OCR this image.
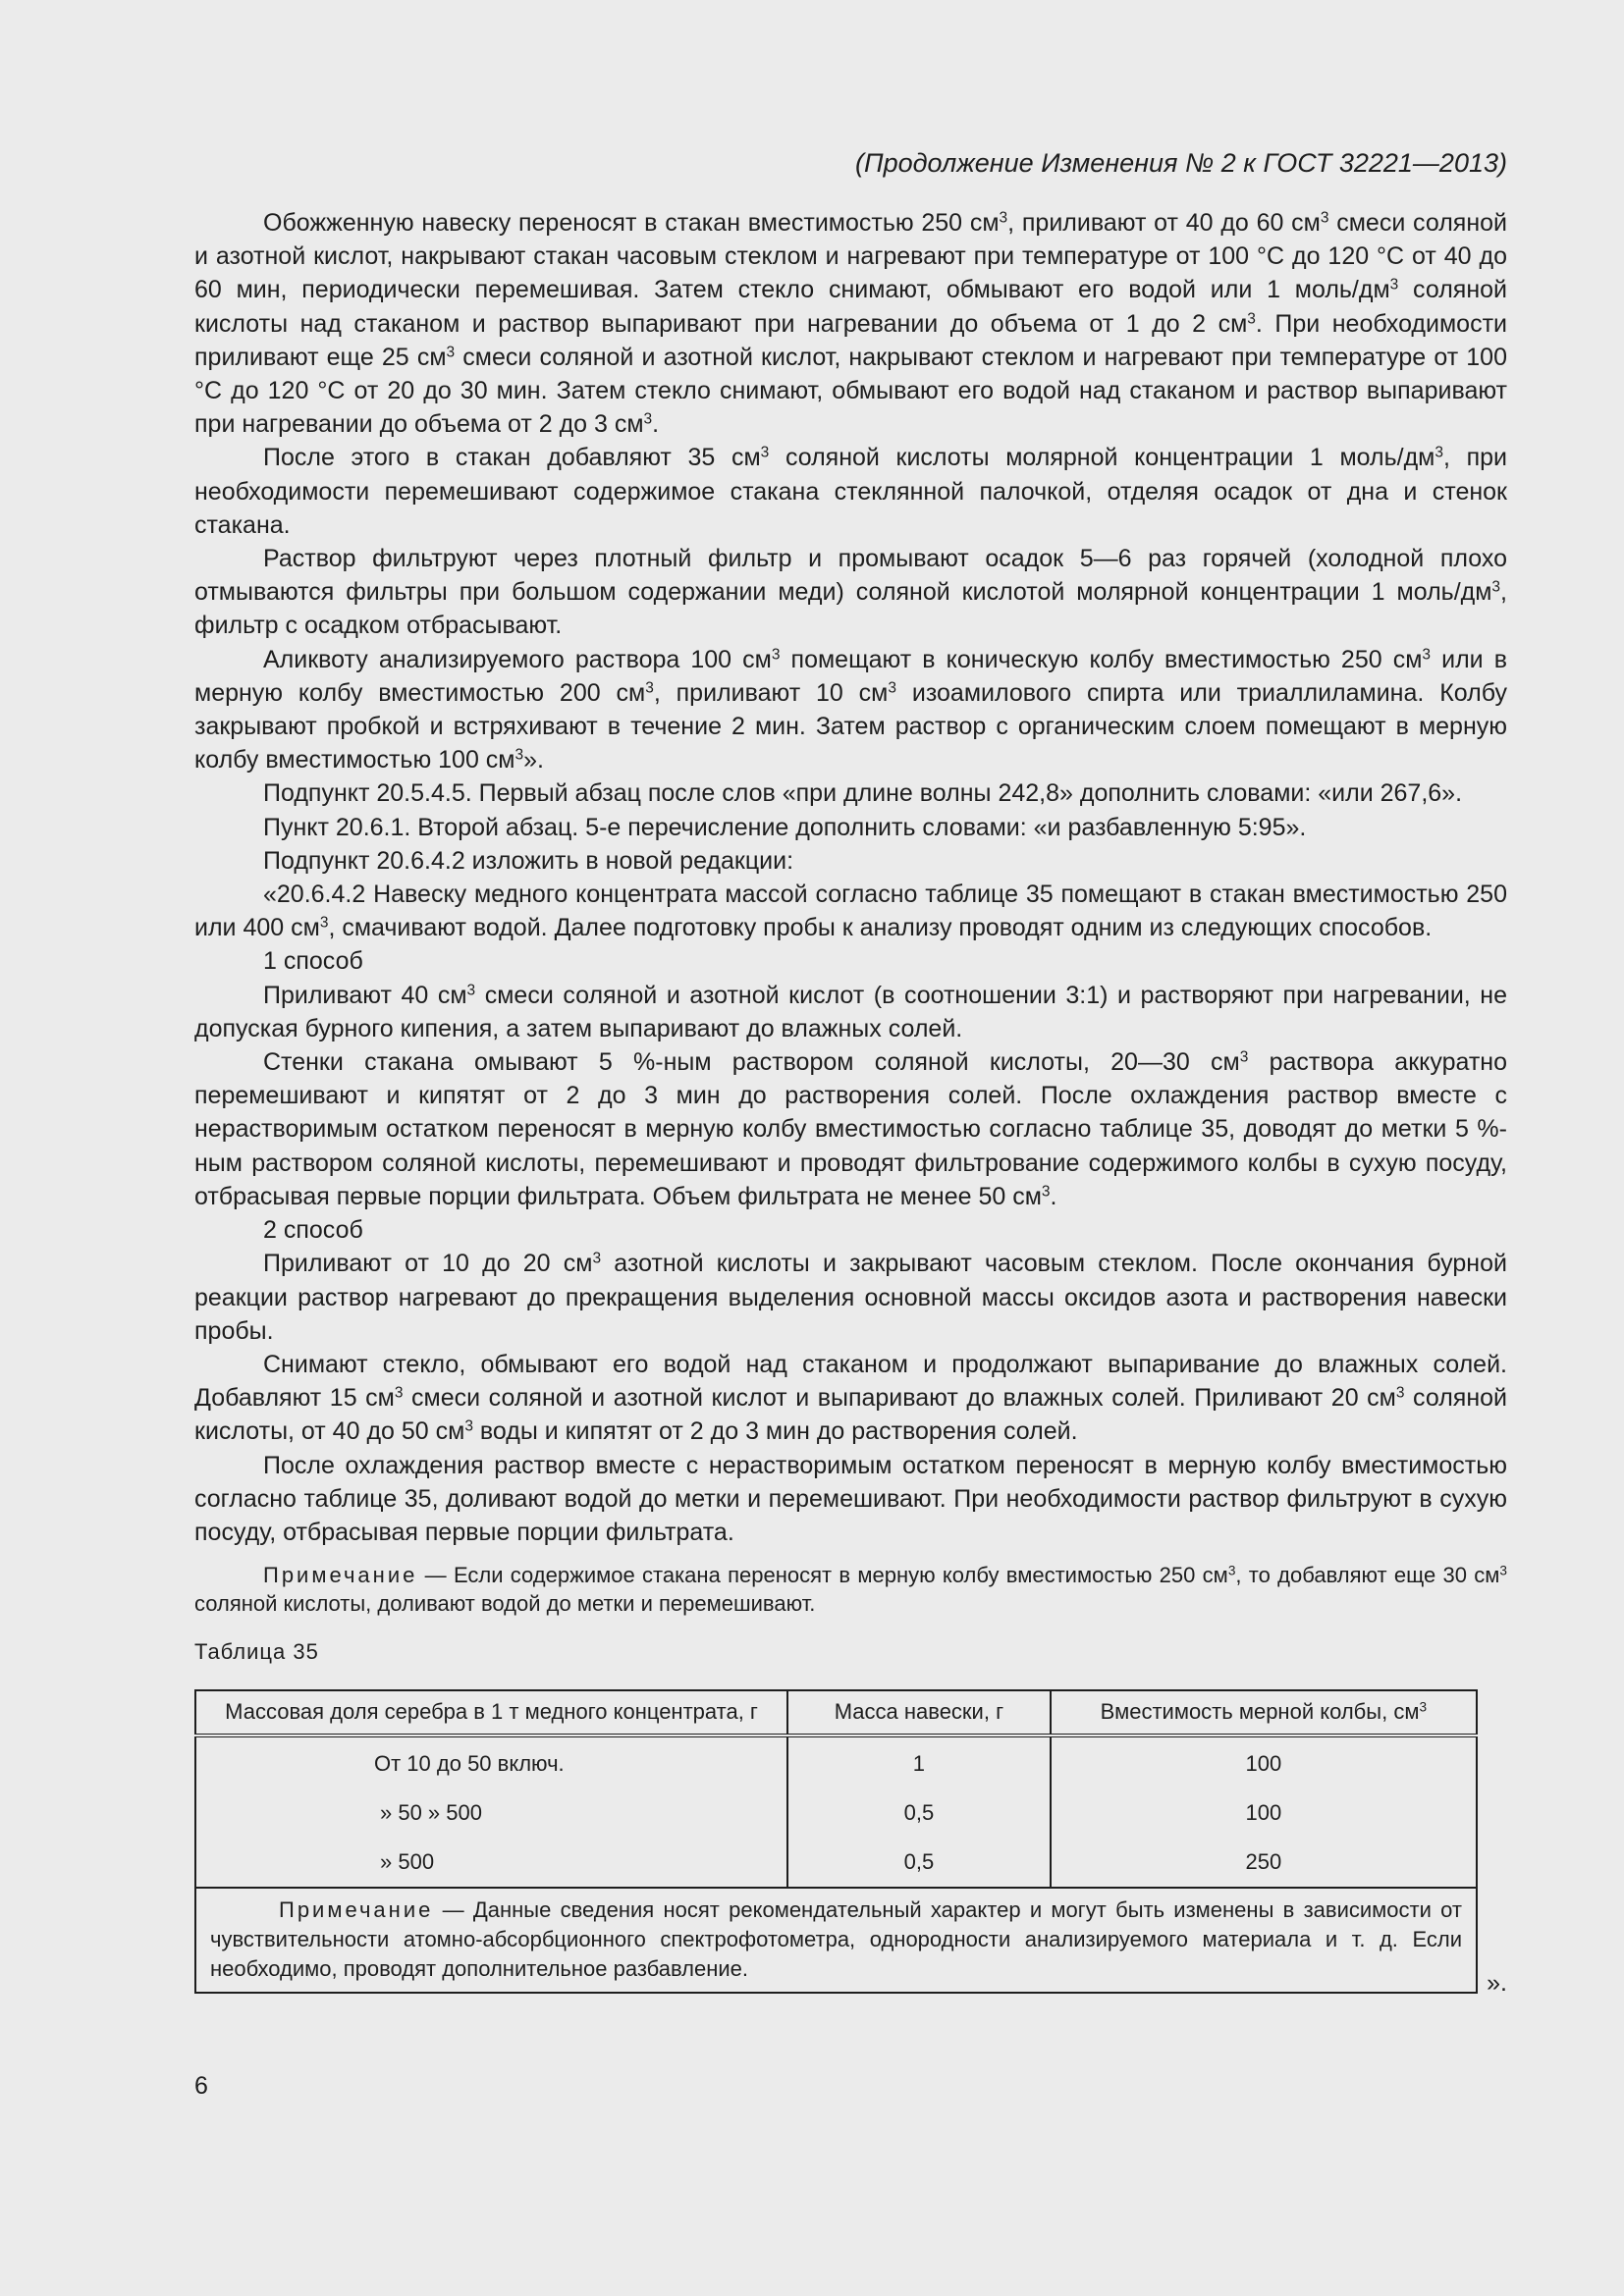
(Продолжение Изменения № 2 к ГОСТ 32221—2013)

Обожженную навеску переносят в стакан вместимостью 250 $см^3$, приливают от 40 до 60 $см^3$ смеси соляной и азотной кислот, накрывают стакан часовым стеклом и нагревают при температуре от 100 °С до 120 °С от 40 до 60 мин, периодически перемешивая. Затем стекло снимают, обмывают его водой или 1 моль/$дм^3$ соляной кислоты над стаканом и раствор выпаривают при нагревании до объема от 1 до 2 $см^3$. При необходимости приливают еще 25 $см^3$ смеси соляной и азотной кислот, накрывают стеклом и нагревают при температуре от 100 °С до 120 °С от 20 до 30 мин. Затем стекло снимают, обмывают его водой над стаканом и раствор выпаривают при нагревании до объема от 2 до 3 $см^3$.

После этого в стакан добавляют 35 $см^3$ соляной кислоты молярной концентрации 1 моль/$дм^3$, при необходимости перемешивают содержимое стакана стеклянной палочкой, отделяя осадок от дна и стенок стакана.

Раствор фильтруют через плотный фильтр и промывают осадок 5—6 раз горячей (холодной плохо отмываются фильтры при большом содержании меди) соляной кислотой молярной концентрации 1 моль/$дм^3$, фильтр с осадком отбрасывают.

Аликвоту анализируемого раствора 100 $см^3$ помещают в коническую колбу вместимостью 250 $см^3$ или в мерную колбу вместимостью 200 $см^3$, приливают 10 $см^3$ изоамилового спирта или триаллиламина. Колбу закрывают пробкой и встряхивают в течение 2 мин. Затем раствор с органическим слоем помещают в мерную колбу вместимостью 100 $см^3$».

Подпункт 20.5.4.5. Первый абзац после слов «при длине волны 242,8» дополнить словами: «или 267,6».

Пункт 20.6.1. Второй абзац. 5-е перечисление дополнить словами: «и разбавленную 5:95».

Подпункт 20.6.4.2 изложить в новой редакции:

«20.6.4.2 Навеску медного концентрата массой согласно таблице 35 помещают в стакан вместимостью 250 или 400 $см^3$, смачивают водой. Далее подготовку пробы к анализу проводят одним из следующих способов.

1 способ

Приливают 40 $см^3$ смеси соляной и азотной кислот (в соотношении 3:1) и растворяют при нагревании, не допуская бурного кипения, а затем выпаривают до влажных солей.

Стенки стакана омывают 5 %-ным раствором соляной кислоты, 20—30 $см^3$ раствора аккуратно перемешивают и кипятят от 2 до 3 мин до растворения солей. После охлаждения раствор вместе с нерастворимым остатком переносят в мерную колбу вместимостью согласно таблице 35, доводят до метки 5 %-ным раствором соляной кислоты, перемешивают и проводят фильтрование содержимого колбы в сухую посуду, отбрасывая первые порции фильтрата. Объем фильтрата не менее 50 $см^3$.

2 способ

Приливают от 10 до 20 $см^3$ азотной кислоты и закрывают часовым стеклом. После окончания бурной реакции раствор нагревают до прекращения выделения основной массы оксидов азота и растворения навески пробы.

Снимают стекло, обмывают его водой над стаканом и продолжают выпаривание до влажных солей. Добавляют 15 $см^3$ смеси соляной и азотной кислот и выпаривают до влажных солей. Приливают 20 $см^3$ соляной кислоты, от 40 до 50 $см^3$ воды и кипятят от 2 до 3 мин до растворения солей.

После охлаждения раствор вместе с нерастворимым остатком переносят в мерную колбу вместимостью согласно таблице 35, доливают водой до метки и перемешивают. При необходимости раствор фильтруют в сухую посуду, отбрасывая первые порции фильтрата.

Примечание — Если содержимое стакана переносят в мерную колбу вместимостью 250 $см^3$, то добавляют еще 30 $см^3$ соляной кислоты, доливают водой до метки и перемешивают.

Таблица 35
Массовая доля серебра в 1 т медного концентрата, г	Масса навески, г	Вместимость мерной колбы, $см^3$
От 10 до 50 включ.	1	100
» 50 » 500	0,5	100
» 500	0,5	250
Примечание — Данные сведения носят рекомендательный характер и могут быть изменены в зависимости от чувствительности атомно-абсорбционного спектрофотометра, однородности анализируемого материала и т. д. Если необходимо, проводят дополнительное разбавление.		
».
6
